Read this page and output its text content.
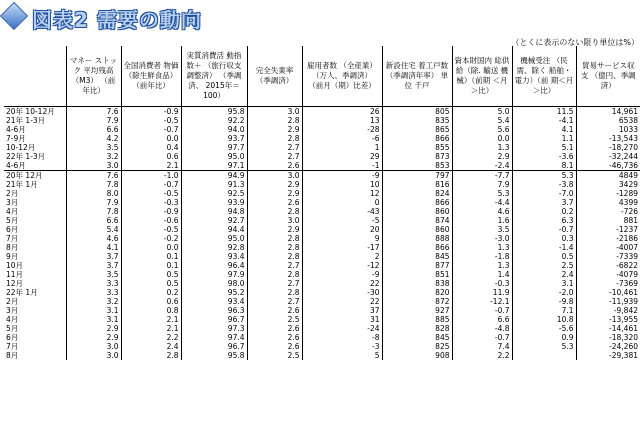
図表2 需要の動向
（とくに表示のない限り単位は%）
	マネー ストック 平均残高 （M3） （前年比）	全国消費者 物価 （除生鮮食品） （前年比）	実質消費活 動指数＋ （旅行収支調整済） （季調済、 2015年＝100）	完全失業率 （季調済）	雇用者数 （全産業） （万人、季調済） （前月（期）比差）	新設住宅 着工戸数 （季調済年率） 単位 千戸	資本財国内 総供給（除. 輸送 機械）（前期 ＜月＞比）	機械受注 （民需、除く 船舶・電力）（前 期＜月＞比）	貿易サービス収支 （億円、季調済）
20年 10-12月	7.6	-0.9	95.8	3.0	26	805	5.0	11.5	14,961
21年 1-3月	7.9	-0.5	92.2	2.8	13	835	5.4	-4.1	6538
4-6月	6.6	-0.7	94.0	2.9	-28	865	5.6	4.1	1033
7-9月	4.2	0.0	93.7	2.8	-6	866	0.0	1.1	-13,543
10-12月	3.5	0.4	97.7	2.7	1	855	1.3	5.1	-18,270
22年 1-3月	3.2	0.6	95.0	2.7	29	873	2.9	-3.6	-32,244
4-6月	3.0	2.1	97.1	2.6	-1	853	-2.4	8.1	-46,736
20年 12月	7.6	-1.0	94.9	3.0	-9	797	-7.7	5.3	4849
21年 1月	7.8	-0.7	91.3	2.9	10	816	7.9	-3.8	3429
2月	8.0	-0.5	92.5	2.9	12	824	5.3	-7.0	-1289
3月	7.9	-0.3	93.9	2.6	0	866	-4.4	3.7	4399
4月	7.8	-0.9	94.8	2.8	-43	860	4.6	0.2	-726
5月	6.6	-0.6	92.7	3.0	-5	874	1.6	6.3	881
6月	5.4	-0.5	94.4	2.9	20	860	3.5	-0.7	-1237
7月	4.6	-0.2	95.0	2.8	9	888	-3.0	0.3	-2186
8月	4.1	0.0	92.8	2.8	-17	866	1.3	-1.4	-4007
9月	3.7	0.1	93.4	2.8	2	845	-1.8	0.5	-7339
10月	3.7	0.1	96.4	2.7	-12	877	1.3	2.5	-6822
11月	3.5	0.5	97.9	2.8	-9	851	1.4	2.4	-4079
12月	3.3	0.5	98.0	2.7	22	838	-0.3	3.1	-7369
22年 1月	3.3	0.2	95.2	2.8	-30	820	11.9	-2.0	-10,461
2月	3.2	0.6	93.4	2.7	22	872	-12.1	-9.8	-11,939
3月	3.1	0.8	96.3	2.6	37	927	-0.7	7.1	-9,842
4月	3.1	2.1	96.7	2.5	31	885	6.6	10.8	-13,955
5月	2.9	2.1	97.3	2.6	-24	828	-4.8	-5.6	-14,461
6月	2.9	2.2	97.4	2.6	-8	845	-0.7	0.9	-18,320
7月	3.0	2.4	96.7	2.6	-3	825	7.4	5.3	-24,260
8月	3.0	2.8	95.8	2.5	5	908	2.2		-29,381
